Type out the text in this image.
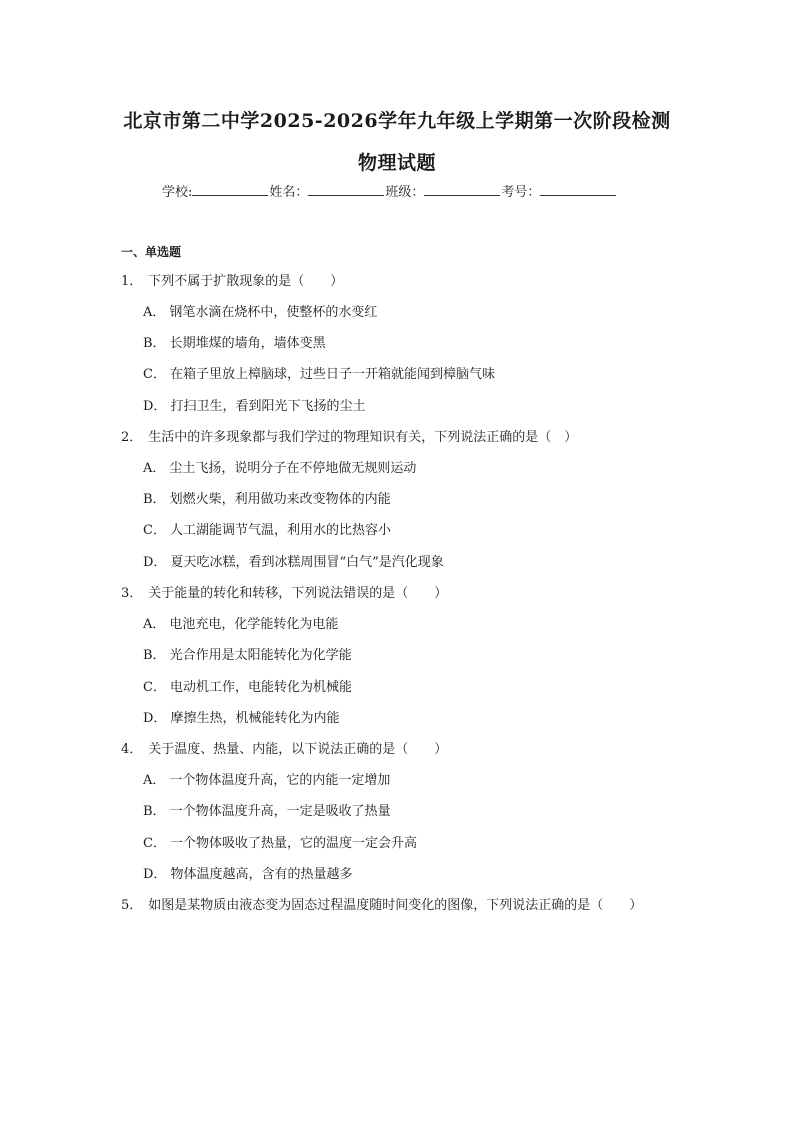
北京市第二中学2025-2026学年九年级上学期第一次阶段检测
物理试题
学校:	姓名：	班级：	考号：
一、单选题
1． 下列不属于扩散现象的是（　　）
A． 钢笔水滴在烧杯中，使整杯的水变红
B． 长期堆煤的墙角，墙体变黑
C． 在箱子里放上樟脑球，过些日子一开箱就能闻到樟脑气味
D． 打扫卫生，看到阳光下飞扬的尘土
2． 生活中的许多现象都与我们学过的物理知识有关，下列说法正确的是（　）
A． 尘土飞扬，说明分子在不停地做无规则运动
B． 划燃火柴，利用做功来改变物体的内能
C． 人工湖能调节气温，利用水的比热容小
D． 夏天吃冰糕，看到冰糕周围冒“白气”是汽化现象
3． 关于能量的转化和转移，下列说法错误的是（　　）
A． 电池充电，化学能转化为电能
B． 光合作用是太阳能转化为化学能
C． 电动机工作，电能转化为机械能
D． 摩擦生热，机械能转化为内能
4． 关于温度、热量、内能，以下说法正确的是（　　）
A． 一个物体温度升高，它的内能一定增加
B． 一个物体温度升高，一定是吸收了热量
C． 一个物体吸收了热量，它的温度一定会升高
D． 物体温度越高，含有的热量越多
5． 如图是某物质由液态变为固态过程温度随时间变化的图像，下列说法正确的是（　　）
